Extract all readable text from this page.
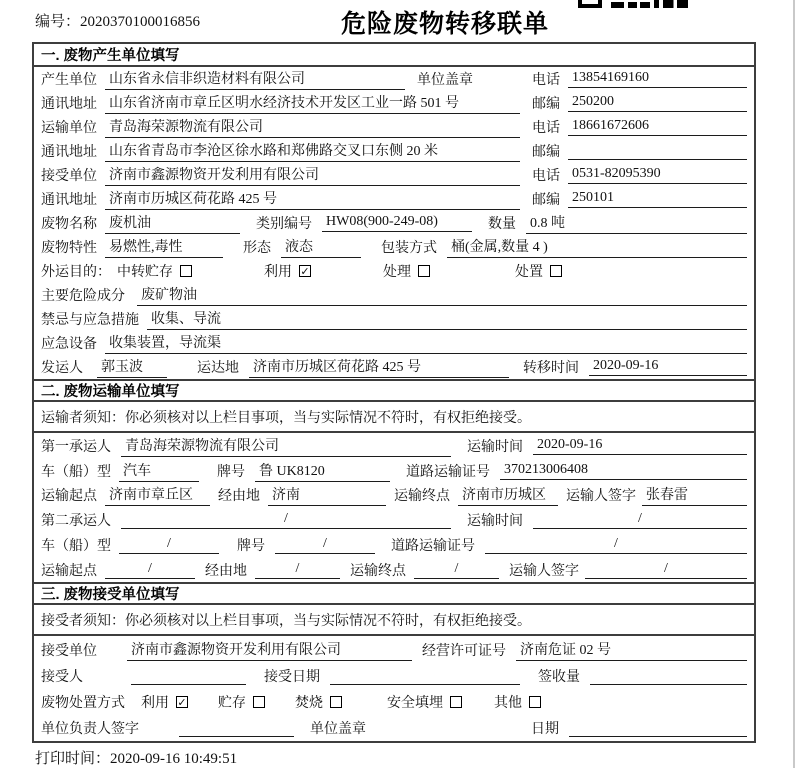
编号：2020370100016856	危险废物转移联单
一. 废物产生单位填写
产生单位 山东省永信非织造材料有限公司	单位盖章	电话 13854169160
通讯地址 山东省济南市章丘区明水经济技术开发区工业一路 501 号	邮编 250200
运输单位 青岛海荣源物流有限公司	电话 18661672606
通讯地址 山东省青岛市李沧区徐水路和郑佛路交叉口东侧 20 米	邮编
接受单位 济南市鑫源物资开发利用有限公司	电话 0531-82095390
通讯地址 济南市历城区荷花路 425 号	邮编 250101
废物名称 废机油	类别编号 HW08(900-249-08)	数量 0.8 吨
废物特性 易燃性,毒性	形态 液态	包装方式 桶(金属,数量 4 )
外运目的： 中转贮存	利用 ✓	处理	处置
主要危险成分 废矿物油
禁忌与应急措施 收集、导流
应急设备 收集装置，导流渠
发运人 郭玉波	运达地 济南市历城区荷花路 425 号	转移时间 2020-09-16
二. 废物运输单位填写
运输者须知：你必须核对以上栏目事项，当与实际情况不符时，有权拒绝接受。
第一承运人 青岛海荣源物流有限公司	运输时间 2020-09-16
车（船）型 汽车	牌号 鲁 UK8120	道路运输证号 370213006408
运输起点 济南市章丘区	经由地 济南	运输终点 济南市历城区	运输人签字 张春雷
第二承运人	/	运输时间	/
车（船）型	/	牌号	/	道路运输证号	/
运输起点	/	经由地	/	运输终点	/	运输人签字	/
三. 废物接受单位填写
接受者须知：你必须核对以上栏目事项，当与实际情况不符时，有权拒绝接受。
接受单位 济南市鑫源物资开发利用有限公司	经营许可证号 济南危证 02 号
接受人	接受日期	签收量
废物处置方式 利用 ✓ 贮存	焚烧	安全填埋	其他
单位负责人签字	单位盖章	日期
打印时间：2020-09-16 10:49:51
